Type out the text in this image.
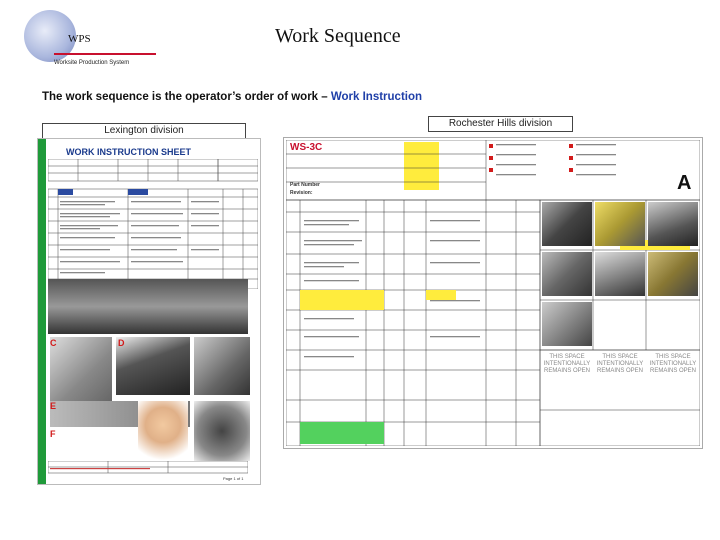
WPS
Worksite Production System
Work Sequence
The work sequence is the operator’s order of work – Work Instruction
Lexington division
Rochester Hills division
WORK INSTRUCTION SHEET
C	D
E
F
Page 1 of 1
WS-3C
A
Part Number
Revision:
THIS SPACE INTENTIONALLY REMAINS OPEN
THIS SPACE INTENTIONALLY REMAINS OPEN
THIS SPACE INTENTIONALLY REMAINS OPEN
